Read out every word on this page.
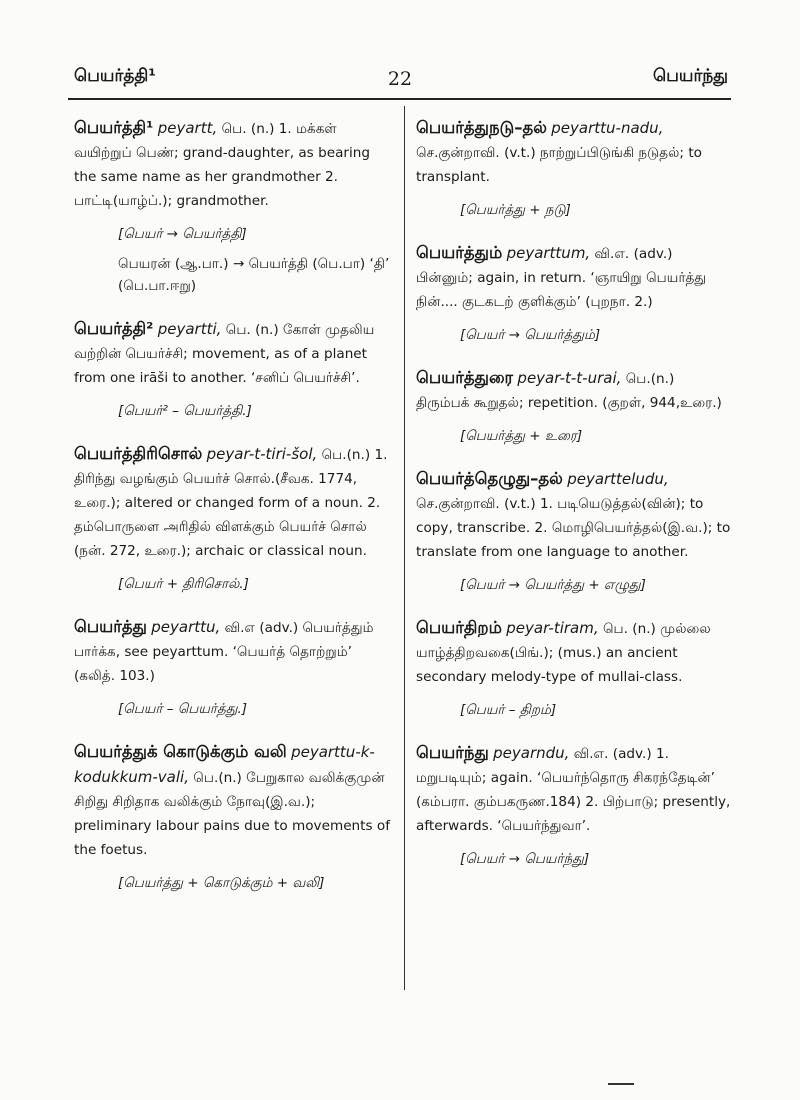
பெயர்த்தி¹	22	பெயர்ந்து
பெயர்த்தி¹ peyartt, பெ. (n.) 1. மக்கள் வயிற்றுப் பெண்; grand-daughter, as bearing the same name as her grandmother 2. பாட்டி(யாழ்ப்.); grandmother.
[பெயர் → பெயர்த்தி]
பெயரன் (ஆ.பா.) → பெயர்த்தி (பெ.பா) ‘தி’ (பெ.பா.ஈறு)
பெயர்த்தி² peyartti, பெ. (n.) கோள் முதலிய வற்றின் பெயர்ச்சி; movement, as of a planet from one irāši to another. ‘சனிப் பெயர்ச்சி’.
[பெயர்² – பெயர்த்தி.]
பெயர்த்திரிசொல் peyar-t-tiri-šol, பெ.(n.) 1. திரிந்து வழங்கும் பெயர்ச் சொல்.(சீவக. 1774, உரை.); altered or changed form of a noun. 2. தம்பொருளை அரிதில் விளக்கும் பெயர்ச் சொல் (நன். 272, உரை.); archaic or classical noun.
[பெயர் + திரிசொல்.]
பெயர்த்து peyarttu, வி.எ (adv.) பெயர்த்தும் பார்க்க, see peyarttum. ‘பெயர்த் தொற்றும்’ (கலித். 103.)
[பெயர் – பெயர்த்து.]
பெயர்த்துக் கொடுக்கும் வலி peyarttu-k-kodukkum-vali, பெ.(n.) பேறுகால வலிக்குமுன் சிறிது சிறிதாக வலிக்கும் நோவு(இ.வ.); preliminary labour pains due to movements of the foetus.
[பெயர்த்து + கொடுக்கும் + வலி]
பெயர்த்துநடு–தல் peyarttu-nadu, செ.குன்றாவி. (v.t.) நாற்றுப்பிடுங்கி நடுதல்; to transplant.
[பெயர்த்து + நடு]
பெயர்த்தும் peyarttum, வி.எ. (adv.) பின்னும்; again, in return. ‘ஞாயிறு பெயர்த்து நின்.... குடகடற் குளிக்கும்’ (புறநா. 2.)
[பெயர் → பெயர்த்தும்]
பெயர்த்துரை peyar-t-t-urai, பெ.(n.) திரும்பக் கூறுதல்; repetition. (குறள், 944,உரை.)
[பெயர்த்து + உரை]
பெயர்த்தெழுது–தல் peyartteludu, செ.குன்றாவி. (v.t.) 1. படியெடுத்தல்(வின்); to copy, transcribe. 2. மொழிபெயர்த்தல்(இ.வ.); to translate from one language to another.
[பெயர் → பெயர்த்து + எழுது]
பெயர்திறம் peyar-tiram, பெ. (n.) முல்லை யாழ்த்திறவகை(பிங்.); (mus.) an ancient secondary melody-type of mullai-class.
[பெயர் – திறம்]
பெயர்ந்து peyarndu, வி.எ. (adv.) 1. மறுபடியும்; again. ‘பெயர்ந்தொரு சிகரந்தேடின்’ (கம்பரா. கும்பகருண.184) 2. பிற்பாடு; presently, afterwards. ‘பெயர்ந்துவா’.
[பெயர் → பெயர்ந்து]
